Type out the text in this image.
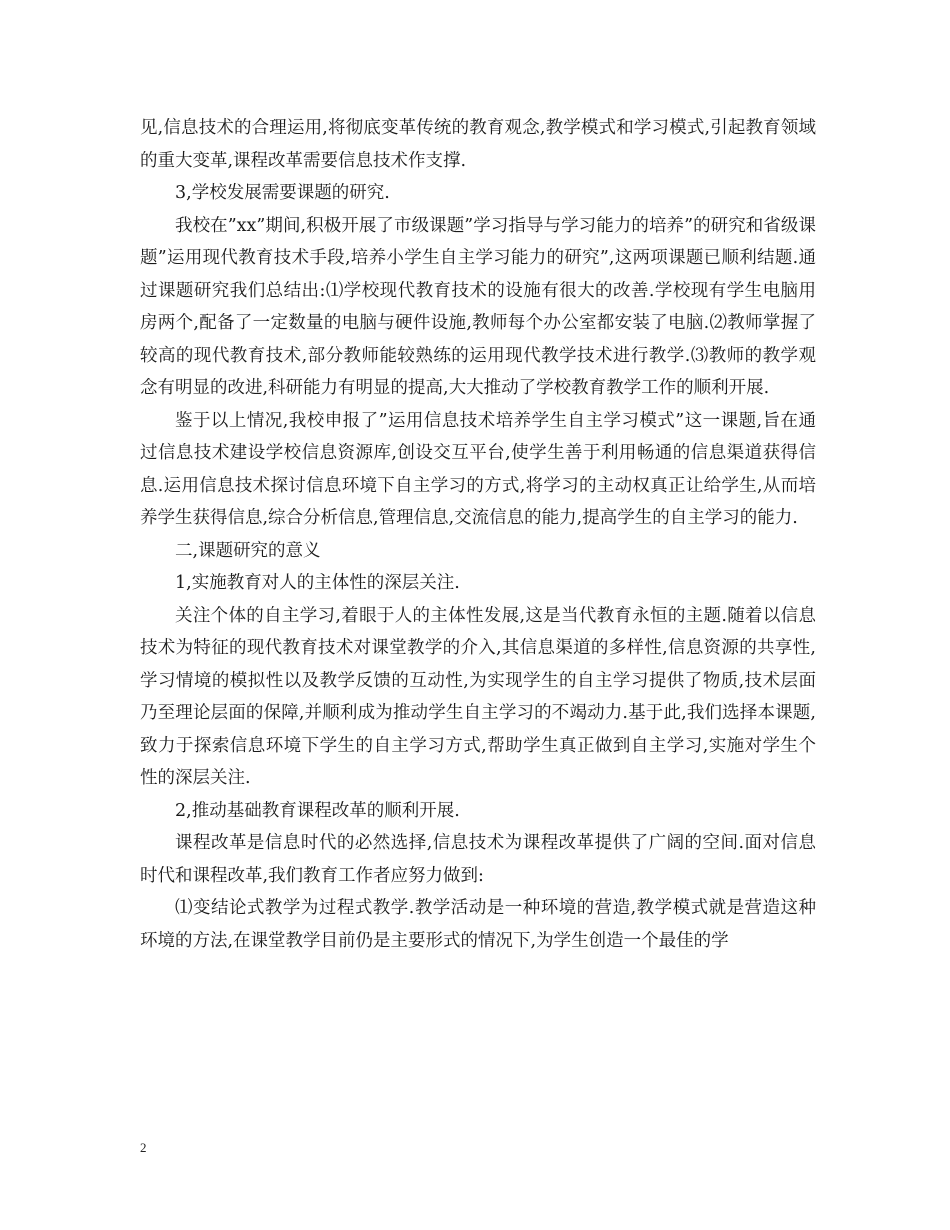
见,信息技术的合理运用,将彻底变革传统的教育观念,教学模式和学习模式,引起教育领域的重大变革,课程改革需要信息技术作支撑.

3,学校发展需要课题的研究.

我校在”xx”期间,积极开展了市级课题”学习指导与学习能力的培养”的研究和省级课题”运用现代教育技术手段,培养小学生自主学习能力的研究”,这两项课题已顺利结题.通过课题研究我们总结出:⑴学校现代教育技术的设施有很大的改善.学校现有学生电脑用房两个,配备了一定数量的电脑与硬件设施,教师每个办公室都安装了电脑.⑵教师掌握了较高的现代教育技术,部分教师能较熟练的运用现代教学技术进行教学.⑶教师的教学观念有明显的改进,科研能力有明显的提高,大大推动了学校教育教学工作的顺利开展.

鉴于以上情况,我校申报了”运用信息技术培养学生自主学习模式”这一课题,旨在通过信息技术建设学校信息资源库,创设交互平台,使学生善于利用畅通的信息渠道获得信息.运用信息技术探讨信息环境下自主学习的方式,将学习的主动权真正让给学生,从而培养学生获得信息,综合分析信息,管理信息,交流信息的能力,提高学生的自主学习的能力.

二,课题研究的意义

1,实施教育对人的主体性的深层关注.

关注个体的自主学习,着眼于人的主体性发展,这是当代教育永恒的主题.随着以信息技术为特征的现代教育技术对课堂教学的介入,其信息渠道的多样性,信息资源的共享性,学习情境的模拟性以及教学反馈的互动性,为实现学生的自主学习提供了物质,技术层面乃至理论层面的保障,并顺利成为推动学生自主学习的不竭动力.基于此,我们选择本课题,致力于探索信息环境下学生的自主学习方式,帮助学生真正做到自主学习,实施对学生个性的深层关注.

2,推动基础教育课程改革的顺利开展.

课程改革是信息时代的必然选择,信息技术为课程改革提供了广阔的空间.面对信息时代和课程改革,我们教育工作者应努力做到:

⑴变结论式教学为过程式教学.教学活动是一种环境的营造,教学模式就是营造这种环境的方法,在课堂教学目前仍是主要形式的情况下,为学生创造一个最佳的学

2
